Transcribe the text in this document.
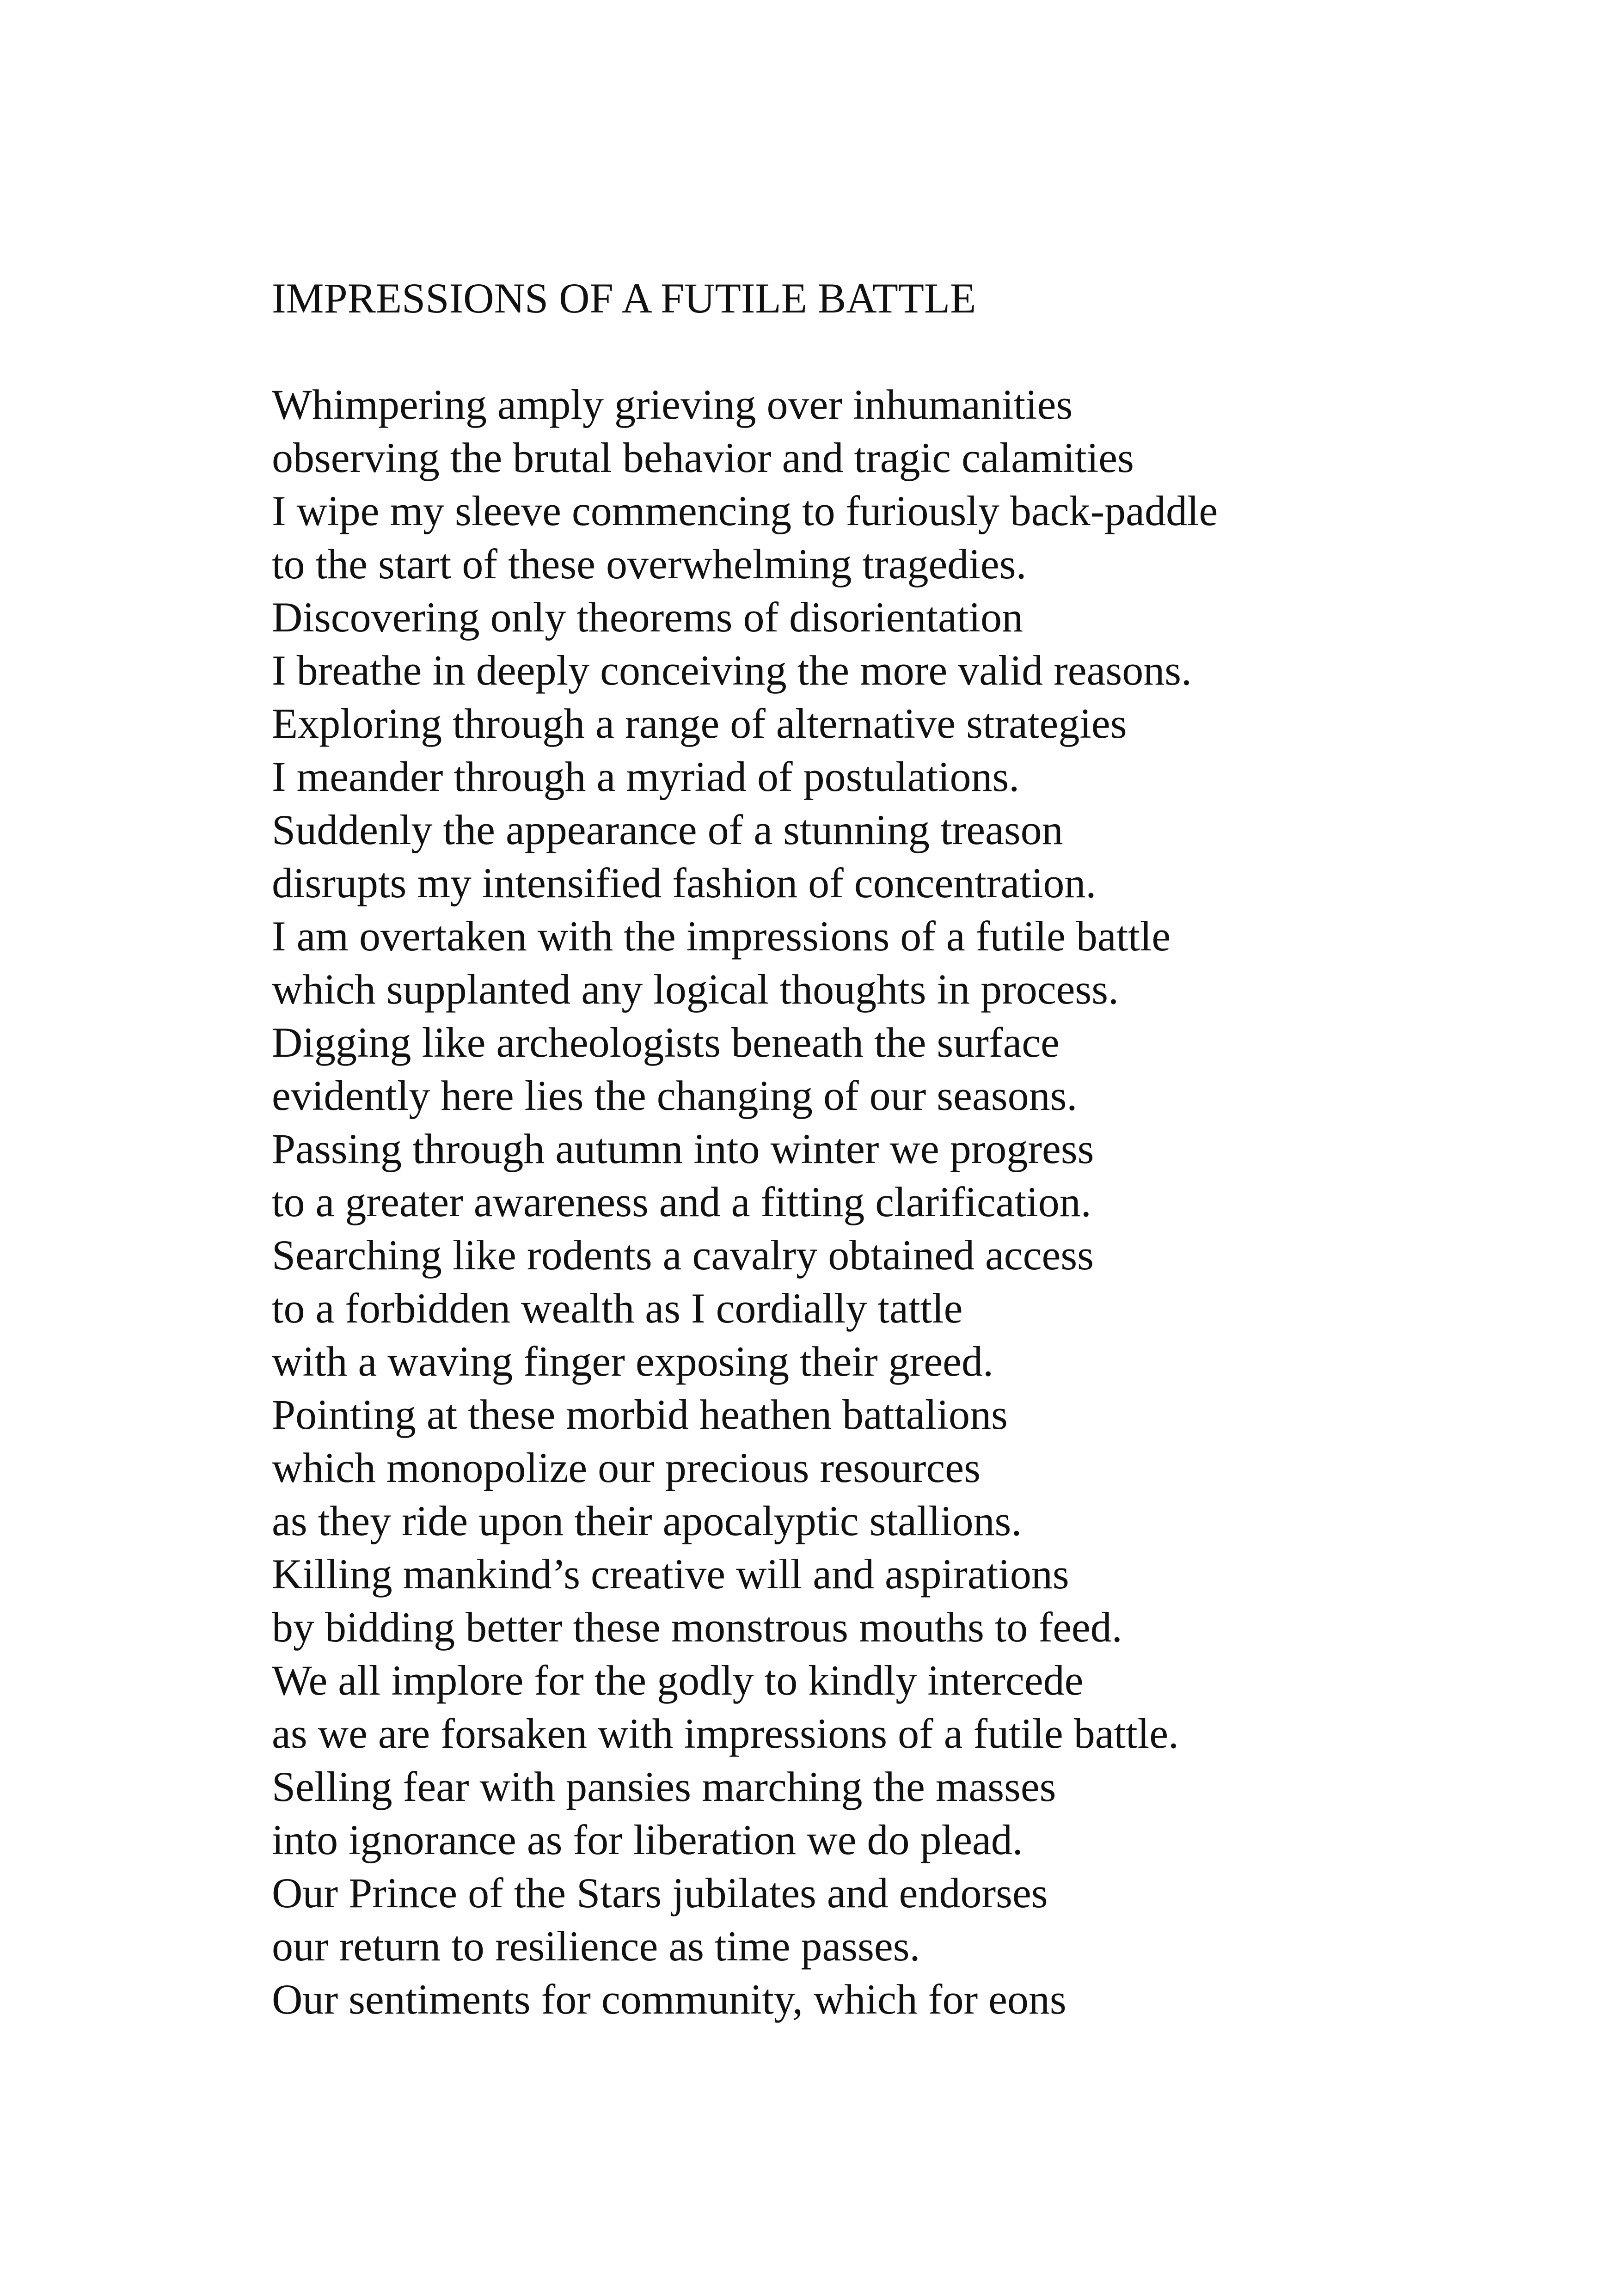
IMPRESSIONS OF A FUTILE BATTLE
Whimpering amply grieving over inhumanities
observing the brutal behavior and tragic calamities
I wipe my sleeve commencing to furiously back-paddle
to the start of these overwhelming tragedies.
Discovering only theorems of disorientation
I breathe in deeply conceiving the more valid reasons.
Exploring through a range of alternative strategies
I meander through a myriad of postulations.
Suddenly the appearance of a stunning treason
disrupts my intensified fashion of concentration.
I am overtaken with the impressions of a futile battle
which supplanted any logical thoughts in process.
Digging like archeologists beneath the surface
evidently here lies the changing of our seasons.
Passing through autumn into winter we progress
to a greater awareness and a fitting clarification.
Searching like rodents a cavalry obtained access
to a forbidden wealth as I cordially tattle
with a waving finger exposing their greed.
Pointing at these morbid heathen battalions
which monopolize our precious resources
as they ride upon their apocalyptic stallions.
Killing mankind’s creative will and aspirations
by bidding better these monstrous mouths to feed.
We all implore for the godly to kindly intercede
as we are forsaken with impressions of a futile battle.
Selling fear with pansies marching the masses
into ignorance as for liberation we do plead.
Our Prince of the Stars jubilates and endorses
our return to resilience as time passes.
Our sentiments for community, which for eons
